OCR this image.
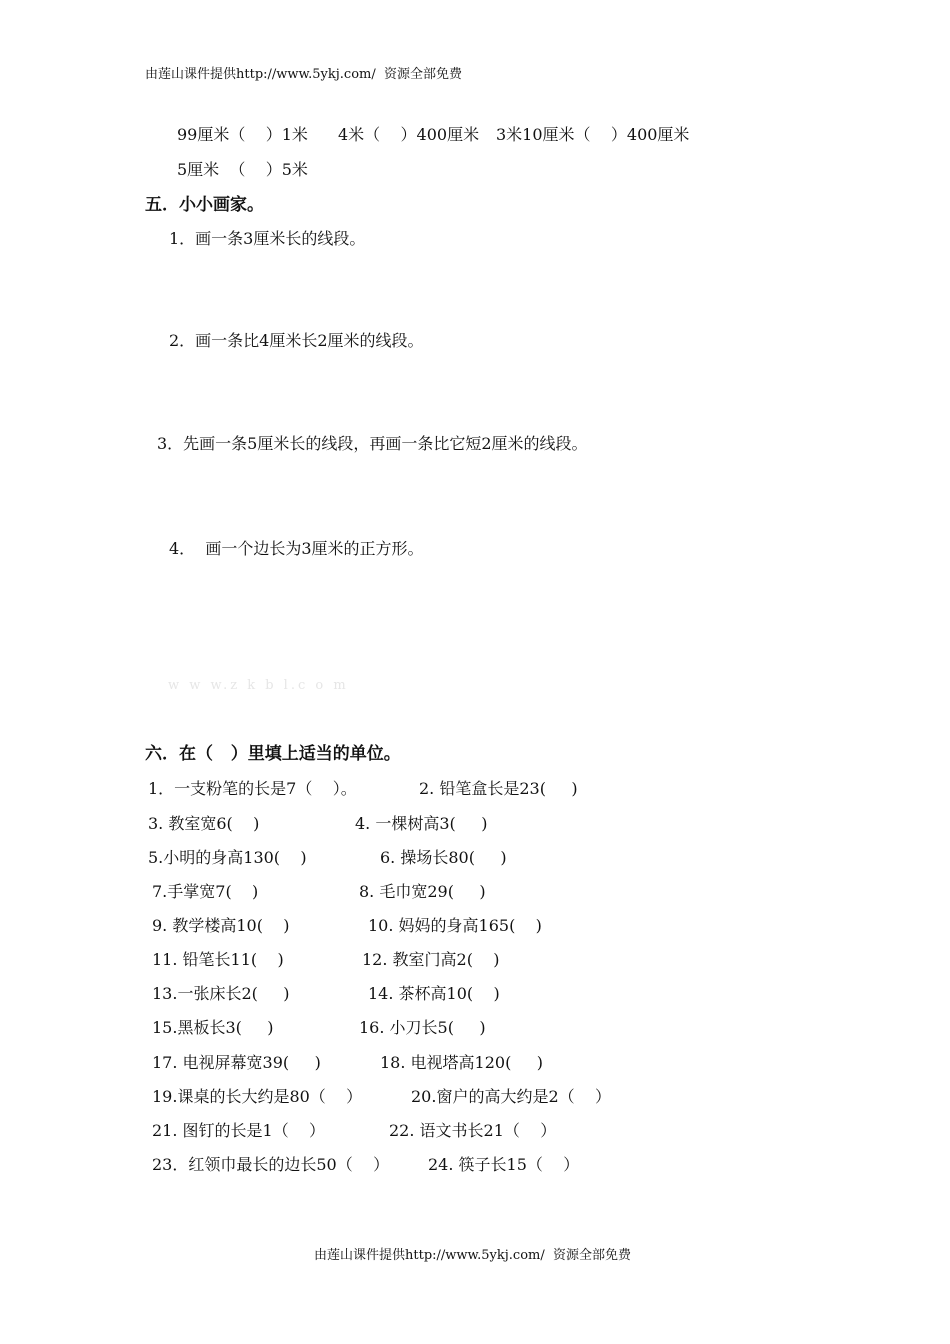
由莲山课件提供http://www.5ykj.com/  资源全部免费
99厘米（    ）1米 4米（    ）400厘米 3米10厘米（    ）400厘米
5厘米  （    ）5米
五．小小画家。
1．画一条3厘米长的线段。
2．画一条比4厘米长2厘米的线段。
3．先画一条5厘米长的线段，再画一条比它短2厘米的线段。
4．  画一个边长为3厘米的正方形。
w w w.z k b l.c o m
六．在（   ）里填上适当的单位。
1．一支粉笔的长是7（    ）。	2. 铅笔盒长是23(     )
3. 教室宽6(    )	4. 一棵树高3(     )
5.小明的身高130(    )	6. 操场长80(     )
7.手掌宽7(    )	8. 毛巾宽29(     )
9. 教学楼高10(    )	10. 妈妈的身高165(    )
11. 铅笔长11(    )	12. 教室门高2(    )
13.一张床长2(     )	14. 茶杯高10(    )
15.黑板长3(     )	16. 小刀长5(     )
17. 电视屏幕宽39(     )	18. 电视塔高120(     )
19.课桌的长大约是80（    ）	20.窗户的高大约是2（    ）
21. 图钉的长是1（    ）	22. 语文书长21（    ）
23．红领巾最长的边长50（    ） 24. 筷子长15（    ）
由莲山课件提供http://www.5ykj.com/  资源全部免费
